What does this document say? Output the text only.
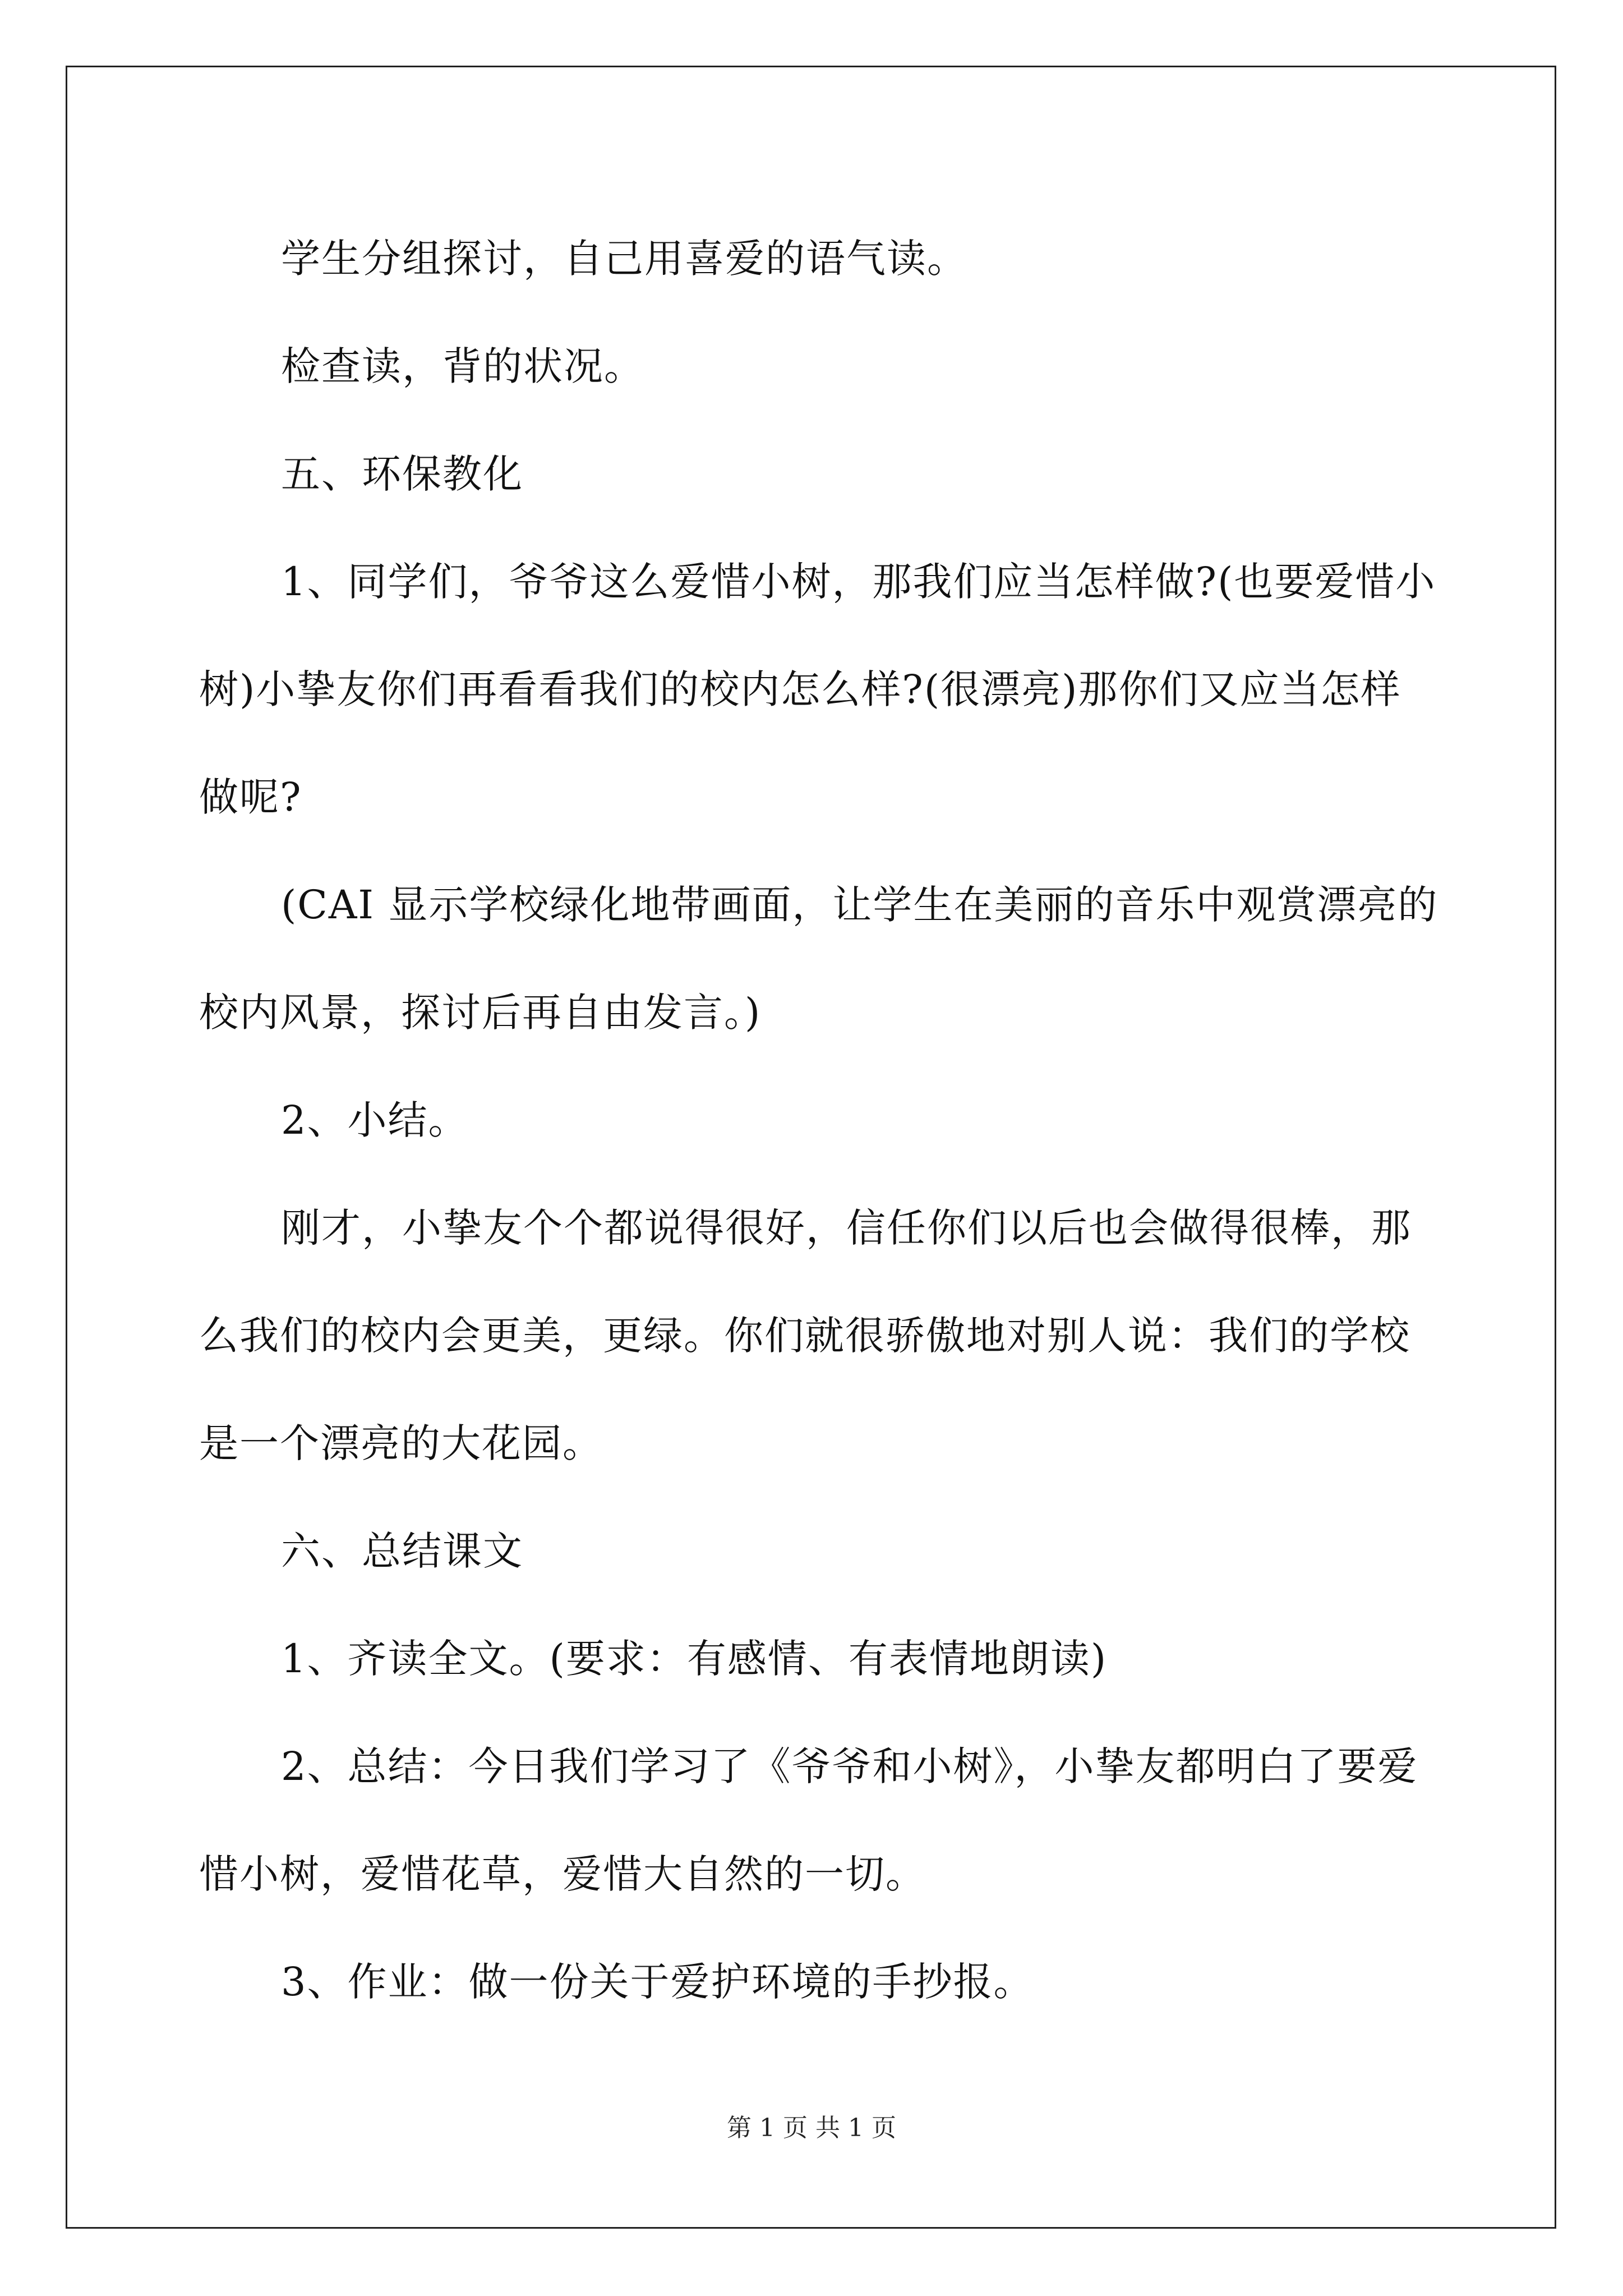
学生分组探讨，自己用喜爱的语气读。
检查读，背的状况。
五、环保教化
1、同学们，爷爷这么爱惜小树，那我们应当怎样做?(也要爱惜小
树)小挚友你们再看看我们的校内怎么样?(很漂亮)那你们又应当怎样
做呢?
(CAI 显示学校绿化地带画面，让学生在美丽的音乐中观赏漂亮的
校内风景，探讨后再自由发言。)
2、小结。
刚才，小挚友个个都说得很好，信任你们以后也会做得很棒，那
么我们的校内会更美，更绿。你们就很骄傲地对别人说：我们的学校
是一个漂亮的大花园。
六、总结课文
1、齐读全文。(要求：有感情、有表情地朗读)
2、总结：今日我们学习了《爷爷和小树》，小挚友都明白了要爱
惜小树，爱惜花草，爱惜大自然的一切。
3、作业：做一份关于爱护环境的手抄报。
第 1 页 共 1 页
